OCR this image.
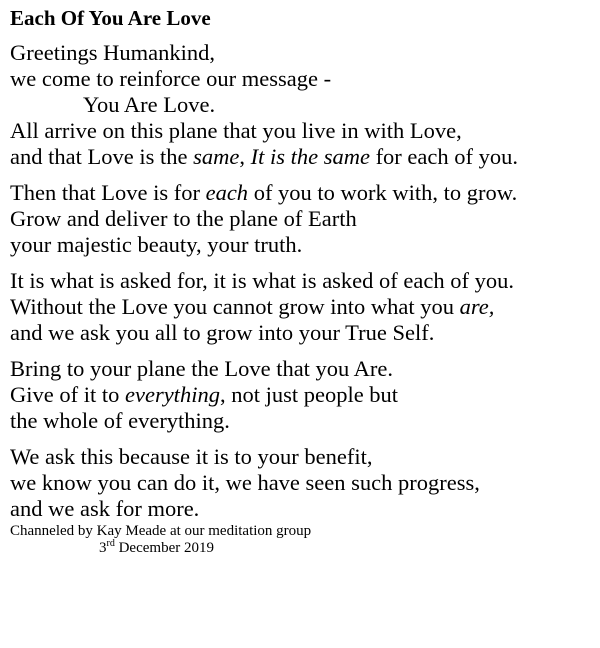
Each Of You Are Love
Greetings Humankind,
we come to reinforce our message -
You Are Love.
All arrive on this plane that you live in with Love,
and that Love is the same, It is the same for each of you.
Then that Love is for each of you to work with, to grow.
Grow and deliver to the plane of Earth
your majestic beauty, your truth.
It is what is asked for, it is what is asked of each of you.
Without the Love you cannot grow into what you are,
and we ask you all to grow into your True Self.
Bring to your plane the Love that you Are.
Give of it to everything, not just people but
the whole of everything.
We ask this because it is to your benefit,
we know you can do it, we have seen such progress,
and we ask for more.
Channeled by Kay Meade at our meditation group
3rd December 2019
